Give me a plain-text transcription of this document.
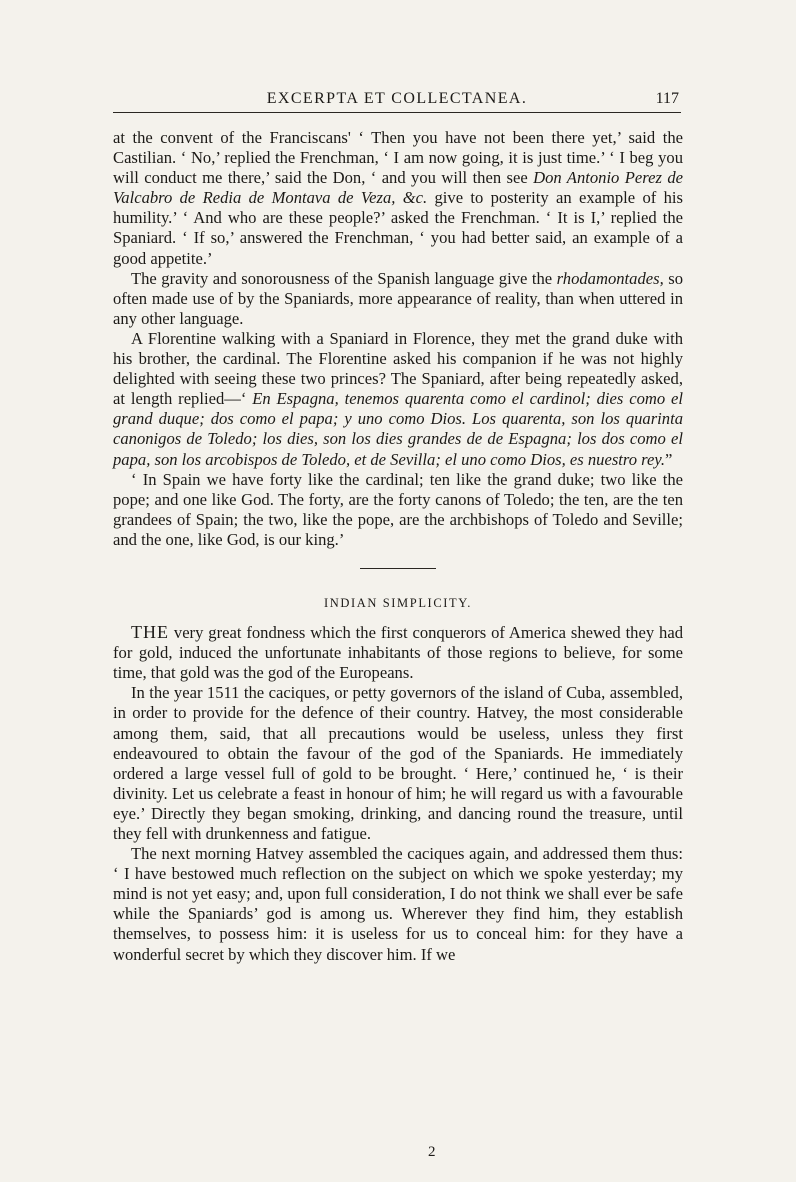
EXCERPTA ET COLLECTANEA.	117

at the convent of the Franciscans' ‘ Then you have not been there yet,’ said the Castilian. ‘ No,’ replied the Frenchman, ‘ I am now going, it is just time.’ ‘ I beg you will conduct me there,’ said the Don, ‘ and you will then see Don Antonio Perez de Valcabro de Redia de Montava de Veza, &c. give to posterity an example of his humility.’ ‘ And who are these people?’ asked the Frenchman. ‘ It is I,’ replied the Spaniard. ‘ If so,’ answered the Frenchman, ‘ you had better said, an example of a good appetite.’

The gravity and sonorousness of the Spanish language give the rhodamontades, so often made use of by the Spaniards, more appearance of reality, than when uttered in any other language.

A Florentine walking with a Spaniard in Florence, they met the grand duke with his brother, the cardinal. The Florentine asked his companion if he was not highly delighted with seeing these two princes? The Spaniard, after being repeatedly asked, at length replied—‘ En Espagna, tenemos quarenta como el cardinol; dies como el grand duque; dos como el papa; y uno como Dios. Los quarenta, son los quarinta canonigos de Toledo; los dies, son los dies grandes de de Espagna; los dos como el papa, son los arcobispos de Toledo, et de Sevilla; el uno como Dios, es nuestro rey.”

‘ In Spain we have forty like the cardinal; ten like the grand duke; two like the pope; and one like God. The forty, are the forty canons of Toledo; the ten, are the ten grandees of Spain; the two, like the pope, are the archbishops of Toledo and Seville; and the one, like God, is our king.’

INDIAN SIMPLICITY.

THE very great fondness which the first conquerors of America shewed they had for gold, induced the unfortunate inhabitants of those regions to believe, for some time, that gold was the god of the Europeans.

In the year 1511 the caciques, or petty governors of the island of Cuba, assembled, in order to provide for the defence of their country. Hatvey, the most considerable among them, said, that all precautions would be useless, unless they first endeavoured to obtain the favour of the god of the Spaniards. He immediately ordered a large vessel full of gold to be brought. ‘ Here,’ continued he, ‘ is their divinity. Let us celebrate a feast in honour of him; he will regard us with a favourable eye.’ Directly they began smoking, drinking, and dancing round the treasure, until they fell with drunkenness and fatigue.

The next morning Hatvey assembled the caciques again, and addressed them thus: ‘ I have bestowed much reflection on the subject on which we spoke yesterday; my mind is not yet easy; and, upon full consideration, I do not think we shall ever be safe while the Spaniards’ god is among us. Wherever they find him, they establish themselves, to possess him: it is useless for us to conceal him: for they have a wonderful secret by which they discover him. If we

2
